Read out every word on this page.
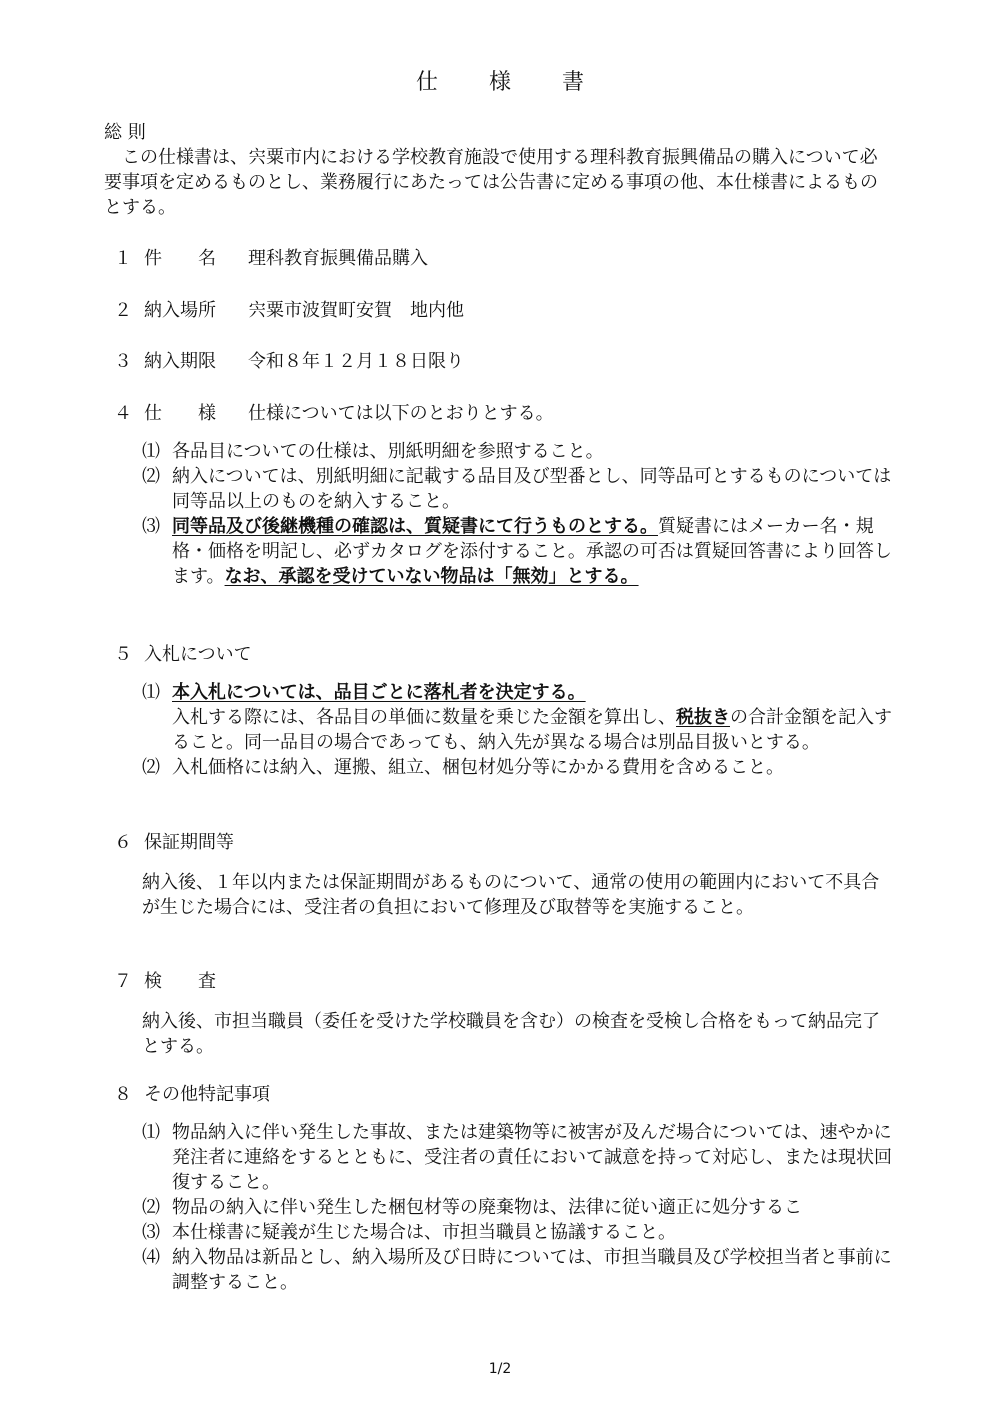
仕 様 書

総 則

この仕様書は、宍粟市内における学校教育施設で使用する理科教育振興備品の購入について必要事項を定めるものとし、業務履行にあたっては公告書に定める事項の他、本仕様書によるものとする。

１ 件　　名 理科教育振興備品購入
２ 納入場所 宍粟市波賀町安賀　地内他
３ 納入期限 令和８年１２月１８日限り
４ 仕　　様 仕様については以下のとおりとする。

⑴ 各品目についての仕様は、別紙明細を参照すること。

⑵ 納入については、別紙明細に記載する品目及び型番とし、同等品可とするものについては同等品以上のものを納入すること。

⑶ 同等品及び後継機種の確認は、質疑書にて行うものとする。質疑書にはメーカー名・規格・価格を明記し、必ずカタログを添付すること。承認の可否は質疑回答書により回答します。なお、承認を受けていない物品は「無効」とする。

５ 入札について

⑴ 本入札については、品目ごとに落札者を決定する。
入札する際には、各品目の単価に数量を乗じた金額を算出し、税抜きの合計金額を記入すること。同一品目の場合であっても、納入先が異なる場合は別品目扱いとする。

⑵ 入札価格には納入、運搬、組立、梱包材処分等にかかる費用を含めること。

６ 保証期間等

納入後、１年以内または保証期間があるものについて、通常の使用の範囲内において不具合が生じた場合には、受注者の負担において修理及び取替等を実施すること。

７ 検　　査

納入後、市担当職員（委任を受けた学校職員を含む）の検査を受検し合格をもって納品完了とする。

８ その他特記事項

⑴ 物品納入に伴い発生した事故、または建築物等に被害が及んだ場合については、速やかに発注者に連絡をするとともに、受注者の責任において誠意を持って対応し、または現状回復すること。

⑵ 物品の納入に伴い発生した梱包材等の廃棄物は、法律に従い適正に処分するこ

⑶ 本仕様書に疑義が生じた場合は、市担当職員と協議すること。

⑷ 納入物品は新品とし、納入場所及び日時については、市担当職員及び学校担当者と事前に調整すること。

1/2
